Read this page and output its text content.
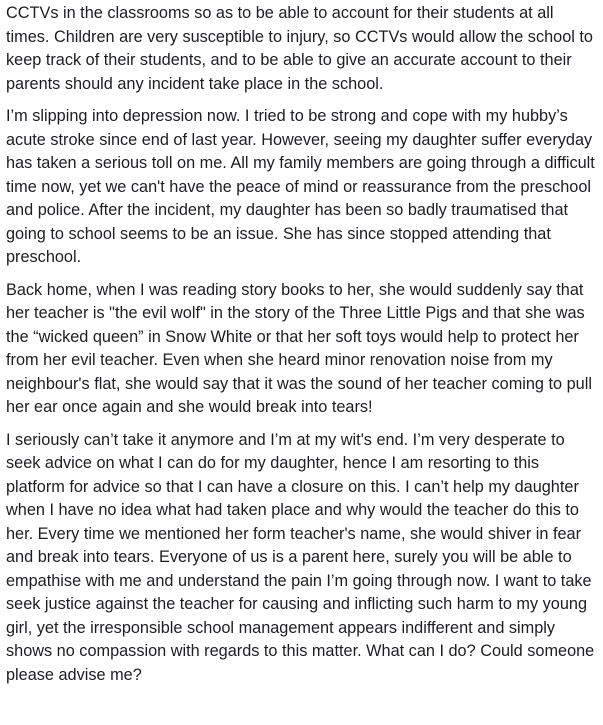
CCTVs in the classrooms so as to be able to account for their students at all times. Children are very susceptible to injury, so CCTVs would allow the school to keep track of their students, and to be able to give an accurate account to their parents should any incident take place in the school.

I’m slipping into depression now. I tried to be strong and cope with my hubby’s acute stroke since end of last year. However, seeing my daughter suffer everyday has taken a serious toll on me. All my family members are going through a difficult time now, yet we can't have the peace of mind or reassurance from the preschool and police. After the incident, my daughter has been so badly traumatised that going to school seems to be an issue. She has since stopped attending that preschool.

Back home, when I was reading story books to her, she would suddenly say that her teacher is "the evil wolf" in the story of the Three Little Pigs and that she was the “wicked queen” in Snow White or that her soft toys would help to protect her from her evil teacher. Even when she heard minor renovation noise from my neighbour's flat, she would say that it was the sound of her teacher coming to pull her ear once again and she would break into tears!

I seriously can’t take it anymore and I’m at my wit's end. I’m very desperate to seek advice on what I can do for my daughter, hence I am resorting to this platform for advice so that I can have a closure on this. I can’t help my daughter when I have no idea what had taken place and why would the teacher do this to her. Every time we mentioned her form teacher's name, she would shiver in fear and break into tears. Everyone of us is a parent here, surely you will be able to empathise with me and understand the pain I’m going through now. I want to take seek justice against the teacher for causing and inflicting such harm to my young girl, yet the irresponsible school management appears indifferent and simply shows no compassion with regards to this matter. What can I do? Could someone please advise me?
